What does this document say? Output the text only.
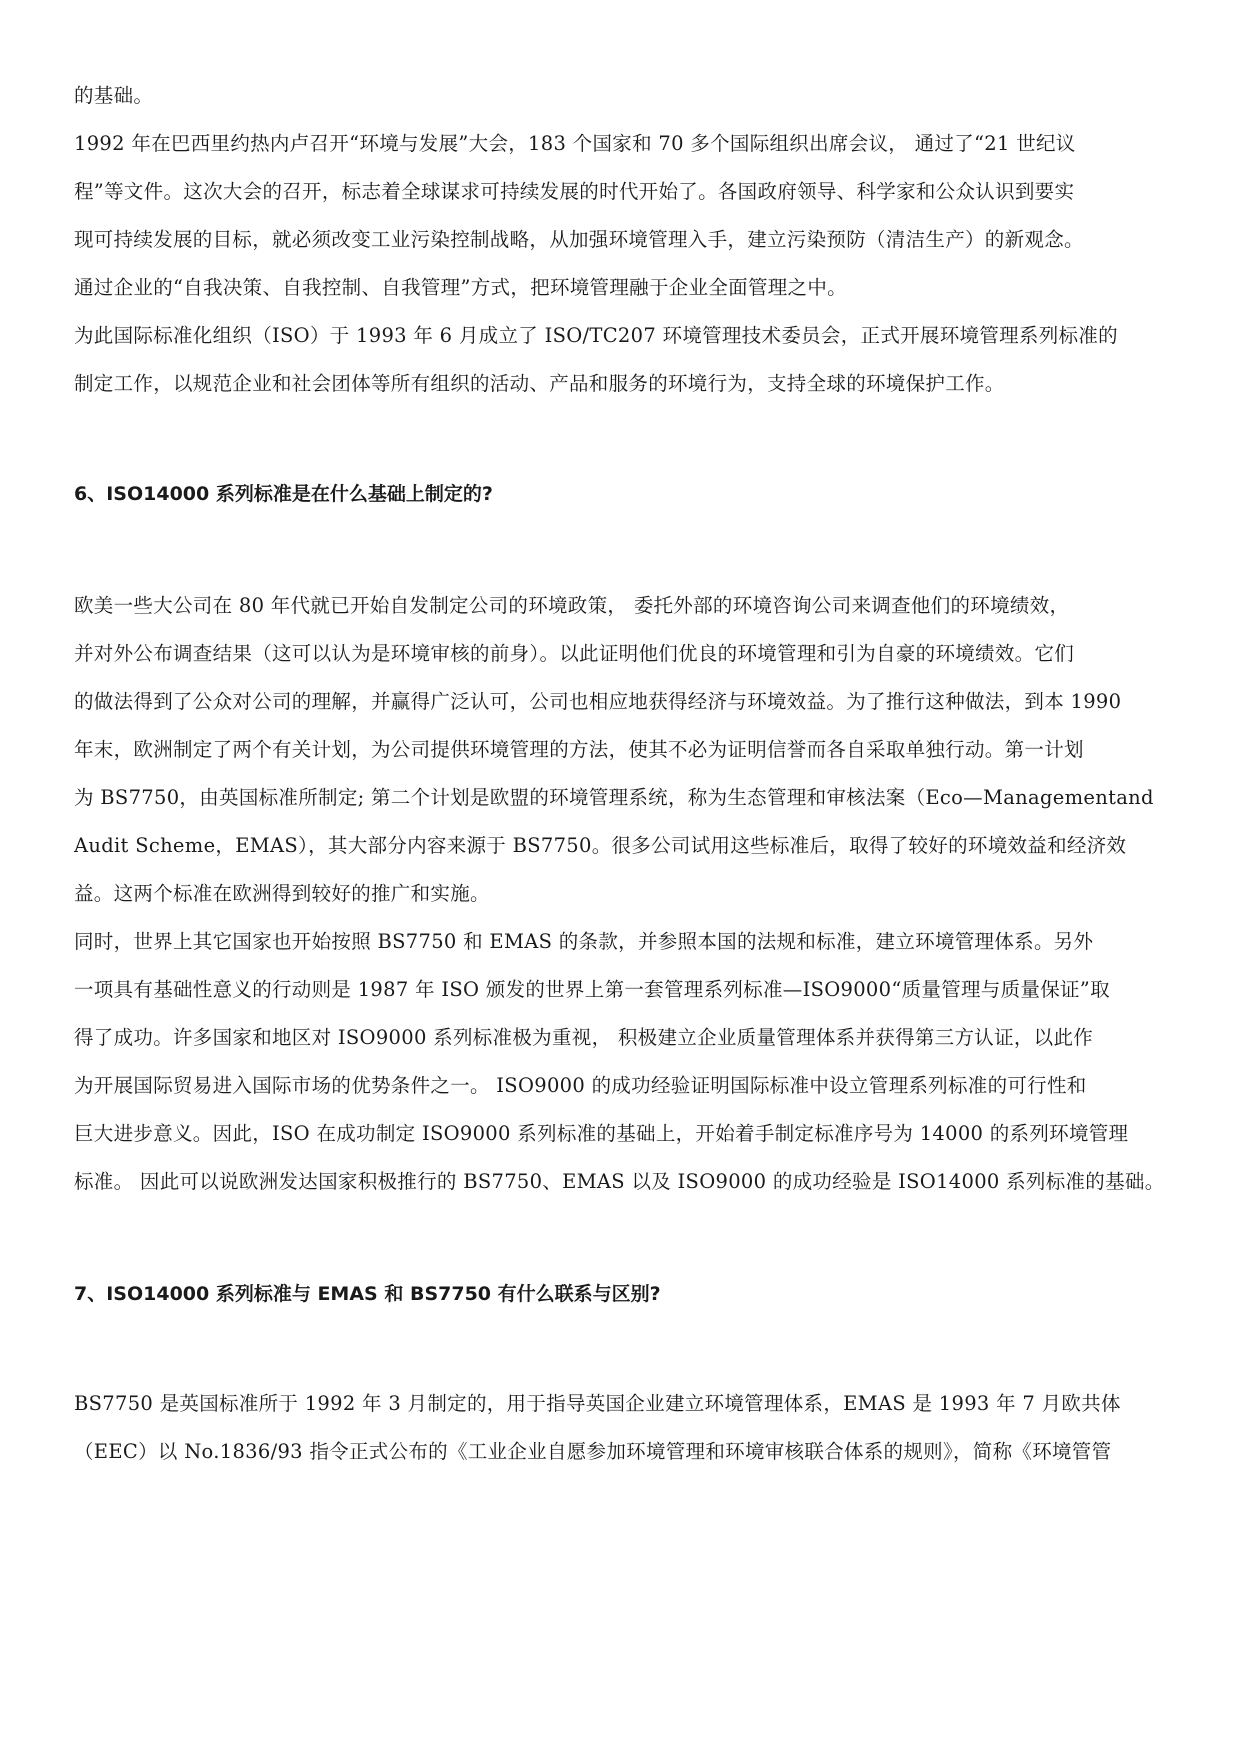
的基础。
1992 年在巴西里约热内卢召开“环境与发展”大会，183 个国家和 70 多个国际组织出席会议， 通过了“21 世纪议
程”等文件。这次大会的召开，标志着全球谋求可持续发展的时代开始了。各国政府领导、科学家和公众认识到要实
现可持续发展的目标，就必须改变工业污染控制战略，从加强环境管理入手，建立污染预防（清洁生产）的新观念。
通过企业的“自我决策、自我控制、自我管理”方式，把环境管理融于企业全面管理之中。
为此国际标准化组织（ISO）于 1993 年 6 月成立了 ISO/TC207 环境管理技术委员会，正式开展环境管理系列标准的
制定工作，以规范企业和社会团体等所有组织的活动、产品和服务的环境行为，支持全球的环境保护工作。
6、ISO14000 系列标准是在什么基础上制定的?
欧美一些大公司在 80 年代就已开始自发制定公司的环境政策， 委托外部的环境咨询公司来调查他们的环境绩效，
并对外公布调查结果（这可以认为是环境审核的前身）。以此证明他们优良的环境管理和引为自豪的环境绩效。它们
的做法得到了公众对公司的理解，并赢得广泛认可，公司也相应地获得经济与环境效益。为了推行这种做法，到本 1990
年末，欧洲制定了两个有关计划，为公司提供环境管理的方法，使其不必为证明信誉而各自采取单独行动。第一计划
为 BS7750，由英国标准所制定; 第二个计划是欧盟的环境管理系统，称为生态管理和审核法案（Eco—Managementand
Audit Scheme，EMAS），其大部分内容来源于 BS7750。很多公司试用这些标准后，取得了较好的环境效益和经济效
益。这两个标准在欧洲得到较好的推广和实施。
同时，世界上其它国家也开始按照 BS7750 和 EMAS 的条款，并参照本国的法规和标准，建立环境管理体系。另外
一项具有基础性意义的行动则是 1987 年 ISO 颁发的世界上第一套管理系列标准—ISO9000“质量管理与质量保证”取
得了成功。许多国家和地区对 ISO9000 系列标准极为重视， 积极建立企业质量管理体系并获得第三方认证，以此作
为开展国际贸易进入国际市场的优势条件之一。 ISO9000 的成功经验证明国际标准中设立管理系列标准的可行性和
巨大进步意义。因此，ISO 在成功制定 ISO9000 系列标准的基础上，开始着手制定标准序号为 14000 的系列环境管理
标准。 因此可以说欧洲发达国家积极推行的 BS7750、EMAS 以及 ISO9000 的成功经验是 ISO14000 系列标准的基础。
7、ISO14000 系列标准与 EMAS 和 BS7750 有什么联系与区别?
BS7750 是英国标准所于 1992 年 3 月制定的，用于指导英国企业建立环境管理体系，EMAS 是 1993 年 7 月欧共体
（EEC）以 No.1836/93 指令正式公布的《工业企业自愿参加环境管理和环境审核联合体系的规则》，简称《环境管管
